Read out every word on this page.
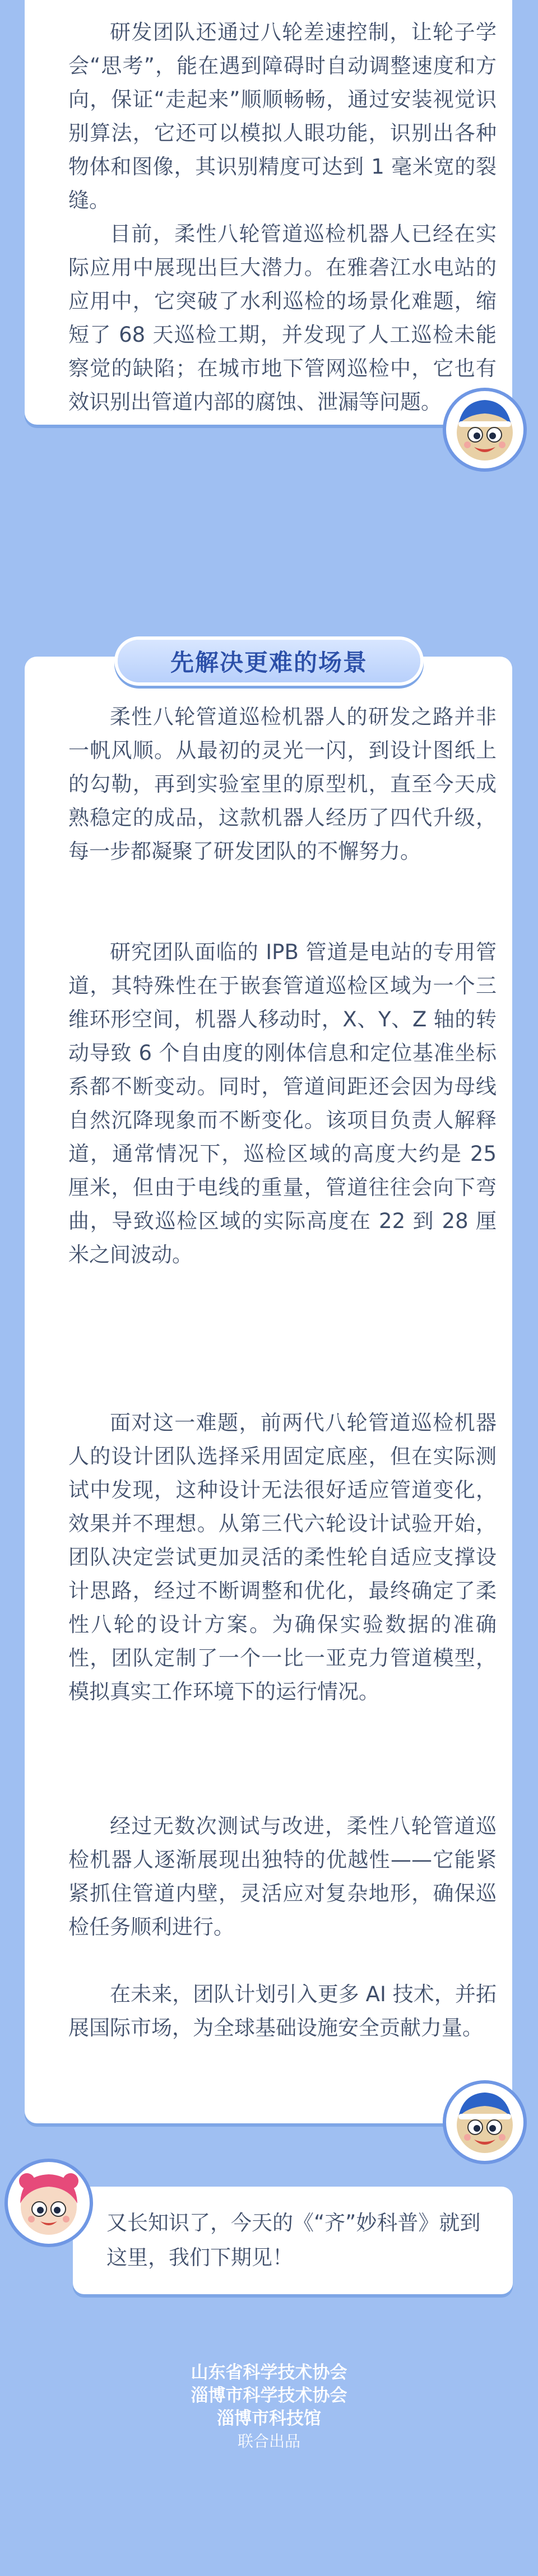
研发团队还通过八轮差速控制，让轮子学会“思考”，能在遇到障碍时自动调整速度和方向，保证“走起来”顺顺畅畅，通过安装视觉识别算法，它还可以模拟人眼功能，识别出各种物体和图像，其识别精度可达到 1 毫米宽的裂缝。

目前，柔性八轮管道巡检机器人已经在实际应用中展现出巨大潜力。在雅砻江水电站的应用中，它突破了水利巡检的场景化难题，缩短了 68 天巡检工期，并发现了人工巡检未能察觉的缺陷；在城市地下管网巡检中，它也有效识别出管道内部的腐蚀、泄漏等问题。

柔性八轮管道巡检机器人的研发之路并非一帆风顺。从最初的灵光一闪，到设计图纸上的勾勒，再到实验室里的原型机，直至今天成熟稳定的成品，这款机器人经历了四代升级，每一步都凝聚了研发团队的不懈努力。

研究团队面临的 IPB 管道是电站的专用管道，其特殊性在于嵌套管道巡检区域为一个三维环形空间，机器人移动时，X、Y、Z 轴的转动导致 6 个自由度的刚体信息和定位基准坐标系都不断变动。同时，管道间距还会因为母线自然沉降现象而不断变化。该项目负责人解释道，通常情况下，巡检区域的高度大约是 25 厘米，但由于电线的重量，管道往往会向下弯曲，导致巡检区域的实际高度在 22 到 28 厘米之间波动。

面对这一难题，前两代八轮管道巡检机器人的设计团队选择采用固定底座，但在实际测试中发现，这种设计无法很好适应管道变化，效果并不理想。从第三代六轮设计试验开始，团队决定尝试更加灵活的柔性轮自适应支撑设计思路，经过不断调整和优化，最终确定了柔性八轮的设计方案。为确保实验数据的准确性，团队定制了一个一比一亚克力管道模型，模拟真实工作环境下的运行情况。

经过无数次测试与改进，柔性八轮管道巡检机器人逐渐展现出独特的优越性——它能紧紧抓住管道内壁，灵活应对复杂地形，确保巡检任务顺利进行。

在未来，团队计划引入更多 AI 技术，并拓展国际市场，为全球基础设施安全贡献力量。

先解决更难的场景

又长知识了，今天的《“齐”妙科普》就到这里，我们下期见！

山东省科学技术协会
淄博市科学技术协会
淄博市科技馆
联合出品
